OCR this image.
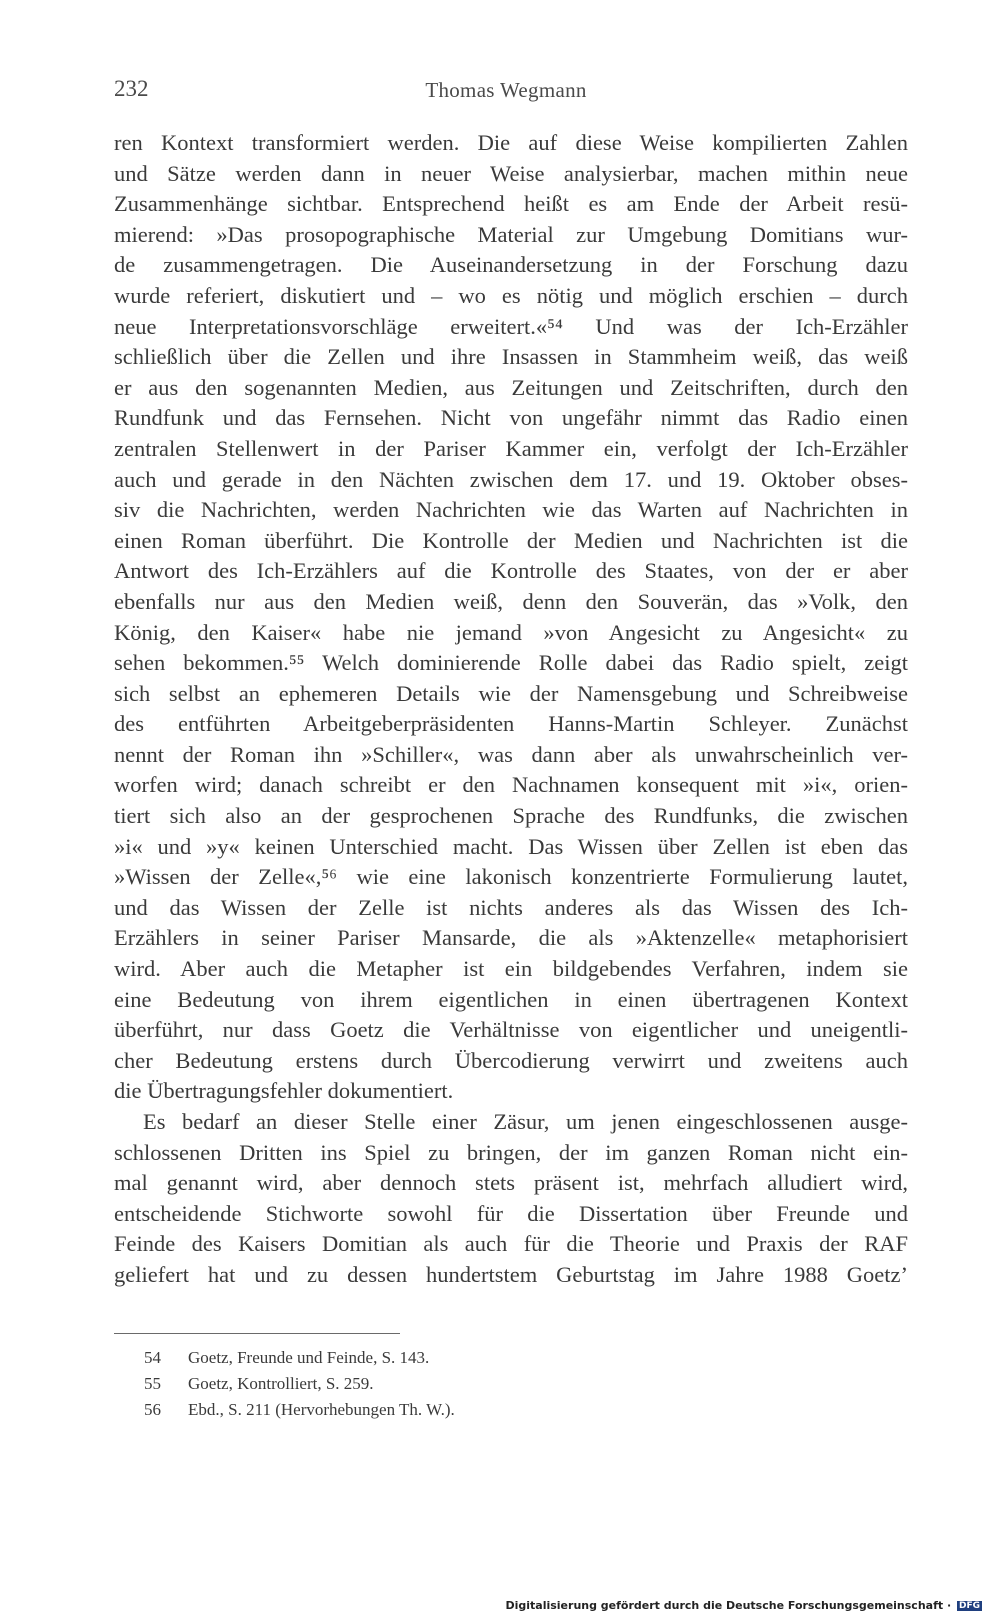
232	Thomas Wegmann
ren Kontext transformiert werden. Die auf diese Weise kompilierten Zahlen
und Sätze werden dann in neuer Weise analysierbar, machen mithin neue
Zusammenhänge sichtbar. Entsprechend heißt es am Ende der Arbeit resü-
mierend: »Das prosopographische Material zur Umgebung Domitians wur-
de zusammengetragen. Die Auseinandersetzung in der Forschung dazu
wurde referiert, diskutiert und – wo es nötig und möglich erschien – durch
neue Interpretationsvorschläge erweitert.«⁵⁴ Und was der Ich-Erzähler
schließlich über die Zellen und ihre Insassen in Stammheim weiß, das weiß
er aus den sogenannten Medien, aus Zeitungen und Zeitschriften, durch den
Rundfunk und das Fernsehen. Nicht von ungefähr nimmt das Radio einen
zentralen Stellenwert in der Pariser Kammer ein, verfolgt der Ich-Erzähler
auch und gerade in den Nächten zwischen dem 17. und 19. Oktober obses-
siv die Nachrichten, werden Nachrichten wie das Warten auf Nachrichten in
einen Roman überführt. Die Kontrolle der Medien und Nachrichten ist die
Antwort des Ich-Erzählers auf die Kontrolle des Staates, von der er aber
ebenfalls nur aus den Medien weiß, denn den Souverän, das »Volk, den
König, den Kaiser« habe nie jemand »von Angesicht zu Angesicht« zu
sehen bekommen.⁵⁵ Welch dominierende Rolle dabei das Radio spielt, zeigt
sich selbst an ephemeren Details wie der Namensgebung und Schreibweise
des entführten Arbeitgeberpräsidenten Hanns-Martin Schleyer. Zunächst
nennt der Roman ihn »Schiller«, was dann aber als unwahrscheinlich ver-
worfen wird; danach schreibt er den Nachnamen konsequent mit »i«, orien-
tiert sich also an der gesprochenen Sprache des Rundfunks, die zwischen
»i« und »y« keinen Unterschied macht. Das Wissen über Zellen ist eben das
»Wissen der Zelle«,⁵⁶ wie eine lakonisch konzentrierte Formulierung lautet,
und das Wissen der Zelle ist nichts anderes als das Wissen des Ich-
Erzählers in seiner Pariser Mansarde, die als »Aktenzelle« metaphorisiert
wird. Aber auch die Metapher ist ein bildgebendes Verfahren, indem sie
eine Bedeutung von ihrem eigentlichen in einen übertragenen Kontext
überführt, nur dass Goetz die Verhältnisse von eigentlicher und uneigentli-
cher Bedeutung erstens durch Übercodierung verwirrt und zweitens auch
die Übertragungsfehler dokumentiert.
Es bedarf an dieser Stelle einer Zäsur, um jenen eingeschlossenen ausge-
schlossenen Dritten ins Spiel zu bringen, der im ganzen Roman nicht ein-
mal genannt wird, aber dennoch stets präsent ist, mehrfach alludiert wird,
entscheidende Stichworte sowohl für die Dissertation über Freunde und
Feinde des Kaisers Domitian als auch für die Theorie und Praxis der RAF
geliefert hat und zu dessen hundertstem Geburtstag im Jahre 1988 Goetz’
54 Goetz, Freunde und Feinde, S. 143.
55 Goetz, Kontrolliert, S. 259.
56 Ebd., S. 211 (Hervorhebungen Th. W.).
Digitalisierung gefördert durch die Deutsche Forschungsgemeinschaft · DFG
